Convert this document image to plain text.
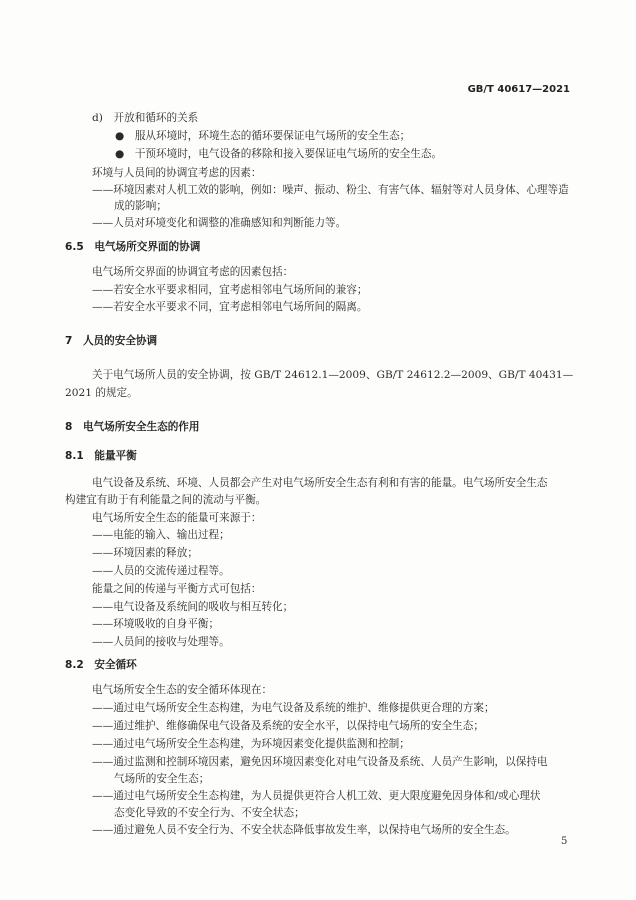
GB/T 40617—2021
d)　开放和循环的关系
●　服从环境时，环境生态的循环要保证电气场所的安全生态；
●　干预环境时，电气设备的移除和接入要保证电气场所的安全生态。
环境与人员间的协调宜考虑的因素：
——环境因素对人机工效的影响，例如：噪声、振动、粉尘、有害气体、辐射等对人员身体、心理等造
成的影响；
——人员对环境变化和调整的准确感知和判断能力等。
6.5　电气场所交界面的协调
电气场所交界面的协调宜考虑的因素包括：
——若安全水平要求相同，宜考虑相邻电气场所间的兼容；
——若安全水平要求不同，宜考虑相邻电气场所间的隔离。
7　人员的安全协调
关于电气场所人员的安全协调，按 GB/T 24612.1—2009、GB/T 24612.2—2009、GB/T 40431—
2021 的规定。
8　电气场所安全生态的作用
8.1　能量平衡
电气设备及系统、环境、人员都会产生对电气场所安全生态有利和有害的能量。电气场所安全生态
构建宜有助于有利能量之间的流动与平衡。
电气场所安全生态的能量可来源于：
——电能的输入、输出过程；
——环境因素的释放；
——人员的交流传递过程等。
能量之间的传递与平衡方式可包括：
——电气设备及系统间的吸收与相互转化；
——环境吸收的自身平衡；
——人员间的接收与处理等。
8.2　安全循环
电气场所安全生态的安全循环体现在：
——通过电气场所安全生态构建，为电气设备及系统的维护、维修提供更合理的方案；
——通过维护、维修确保电气设备及系统的安全水平，以保持电气场所的安全生态；
——通过电气场所安全生态构建，为环境因素变化提供监测和控制；
——通过监测和控制环境因素，避免因环境因素变化对电气设备及系统、人员产生影响，以保持电
气场所的安全生态；
——通过电气场所安全生态构建，为人员提供更符合人机工效、更大限度避免因身体和/或心理状
态变化导致的不安全行为、不安全状态；
——通过避免人员不安全行为、不安全状态降低事故发生率，以保持电气场所的安全生态。
5
